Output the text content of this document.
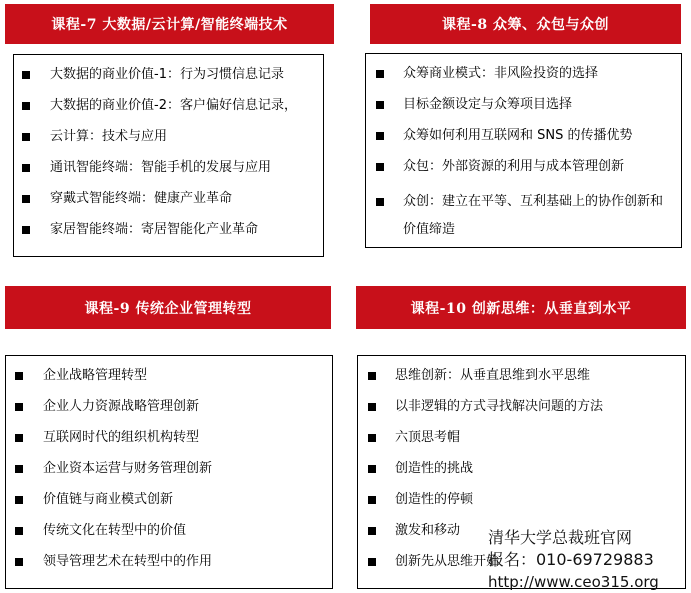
课程-7 大数据/云计算/智能终端技术
大数据的商业价值-1：行为习惯信息记录
大数据的商业价值-2：客户偏好信息记录，
云计算：技术与应用
通讯智能终端：智能手机的发展与应用
穿戴式智能终端：健康产业革命
家居智能终端：寄居智能化产业革命
课程-8 众筹、众包与众创
众筹商业模式：非风险投资的选择
目标金额设定与众筹项目选择
众筹如何利用互联网和 SNS 的传播优势
众包：外部资源的利用与成本管理创新
众创：建立在平等、互利基础上的协作创新和价值缔造
课程-9 传统企业管理转型
企业战略管理转型
企业人力资源战略管理创新
互联网时代的组织机构转型
企业资本运营与财务管理创新
价值链与商业模式创新
传统文化在转型中的价值
领导管理艺术在转型中的作用
课程-10 创新思维：从垂直到水平
思维创新：从垂直思维到水平思维
以非逻辑的方式寻找解决问题的方法
六顶思考帽
创造性的挑战
创造性的停顿
激发和移动
创新先从思维开始
清华大学总裁班官网
报名：010-69729883
http://www.ceo315.org
